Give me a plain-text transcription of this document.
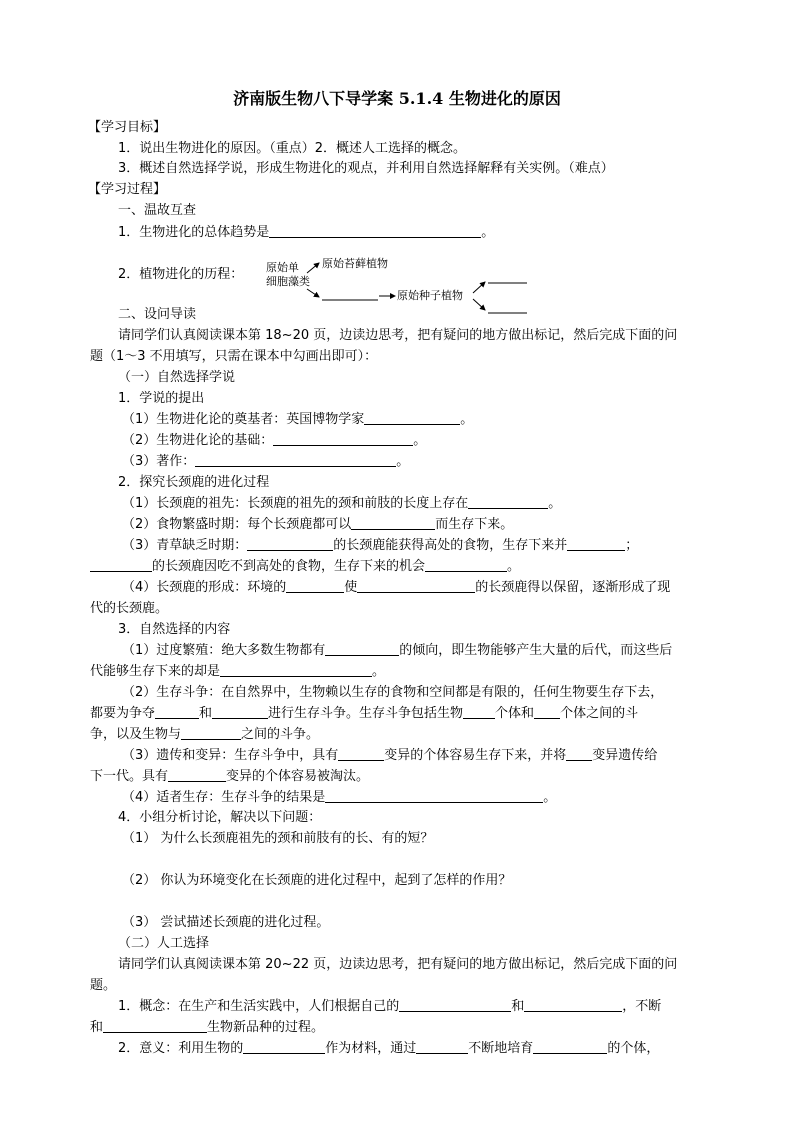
济南版生物八下导学案 5.1.4 生物进化的原因
【学习目标】
1．说出生物进化的原因。（重点）2．概述人工选择的概念。
3．概述自然选择学说，形成生物进化的观点，并利用自然选择解释有关实例。（难点）
【学习过程】
一、温故互查
1．生物进化的总体趋势是	。
2．植物进化的历程： 原始单
细胞藻类
原始苔藓植物
原始种子植物
二、设问导读
请同学们认真阅读课本第 18~20 页，边读边思考，把有疑问的地方做出标记，然后完成下面的问
题（1～3 不用填写，只需在课本中勾画出即可）：
（一）自然选择学说
1．学说的提出
（1）生物进化论的奠基者：英国博物学家	。
（2）生物进化论的基础：	。
（3）著作：	。
2．探究长颈鹿的进化过程
（1）长颈鹿的祖先：长颈鹿的祖先的颈和前肢的长度上存在	。
（2）食物繁盛时期：每个长颈鹿都可以	而生存下来。
（3）青草缺乏时期：	的长颈鹿能获得高处的食物，生存下来并	；
的长颈鹿因吃不到高处的食物，生存下来的机会	。
（4）长颈鹿的形成：环境的	使	的长颈鹿得以保留，逐渐形成了现
代的长颈鹿。
3．自然选择的内容
（1）过度繁殖：绝大多数生物都有	的倾向，即生物能够产生大量的后代，而这些后
代能够生存下来的却是	。
（2）生存斗争：在自然界中，生物赖以生存的食物和空间都是有限的，任何生物要生存下去，
都要为争夺	和	进行生存斗争。生存斗争包括生物 个体和 个体之间的斗
争，以及生物与	之间的斗争。
（3）遗传和变异：生存斗争中，具有	变异的个体容易生存下来，并将 变异遗传给
下一代。具有	变异的个体容易被淘汰。
（4）适者生存：生存斗争的结果是	。
4．小组分析讨论，解决以下问题：
（1） 为什么长颈鹿祖先的颈和前肢有的长、有的短？
（2） 你认为环境变化在长颈鹿的进化过程中，起到了怎样的作用？
（3） 尝试描述长颈鹿的进化过程。
（二）人工选择
请同学们认真阅读课本第 20~22 页，边读边思考，把有疑问的地方做出标记，然后完成下面的问
题。
1．概念：在生产和生活实践中，人们根据自己的	和	，不断
和	生物新品种的过程。
2．意义：利用生物的	作为材料，通过	不断地培育	的个体，
